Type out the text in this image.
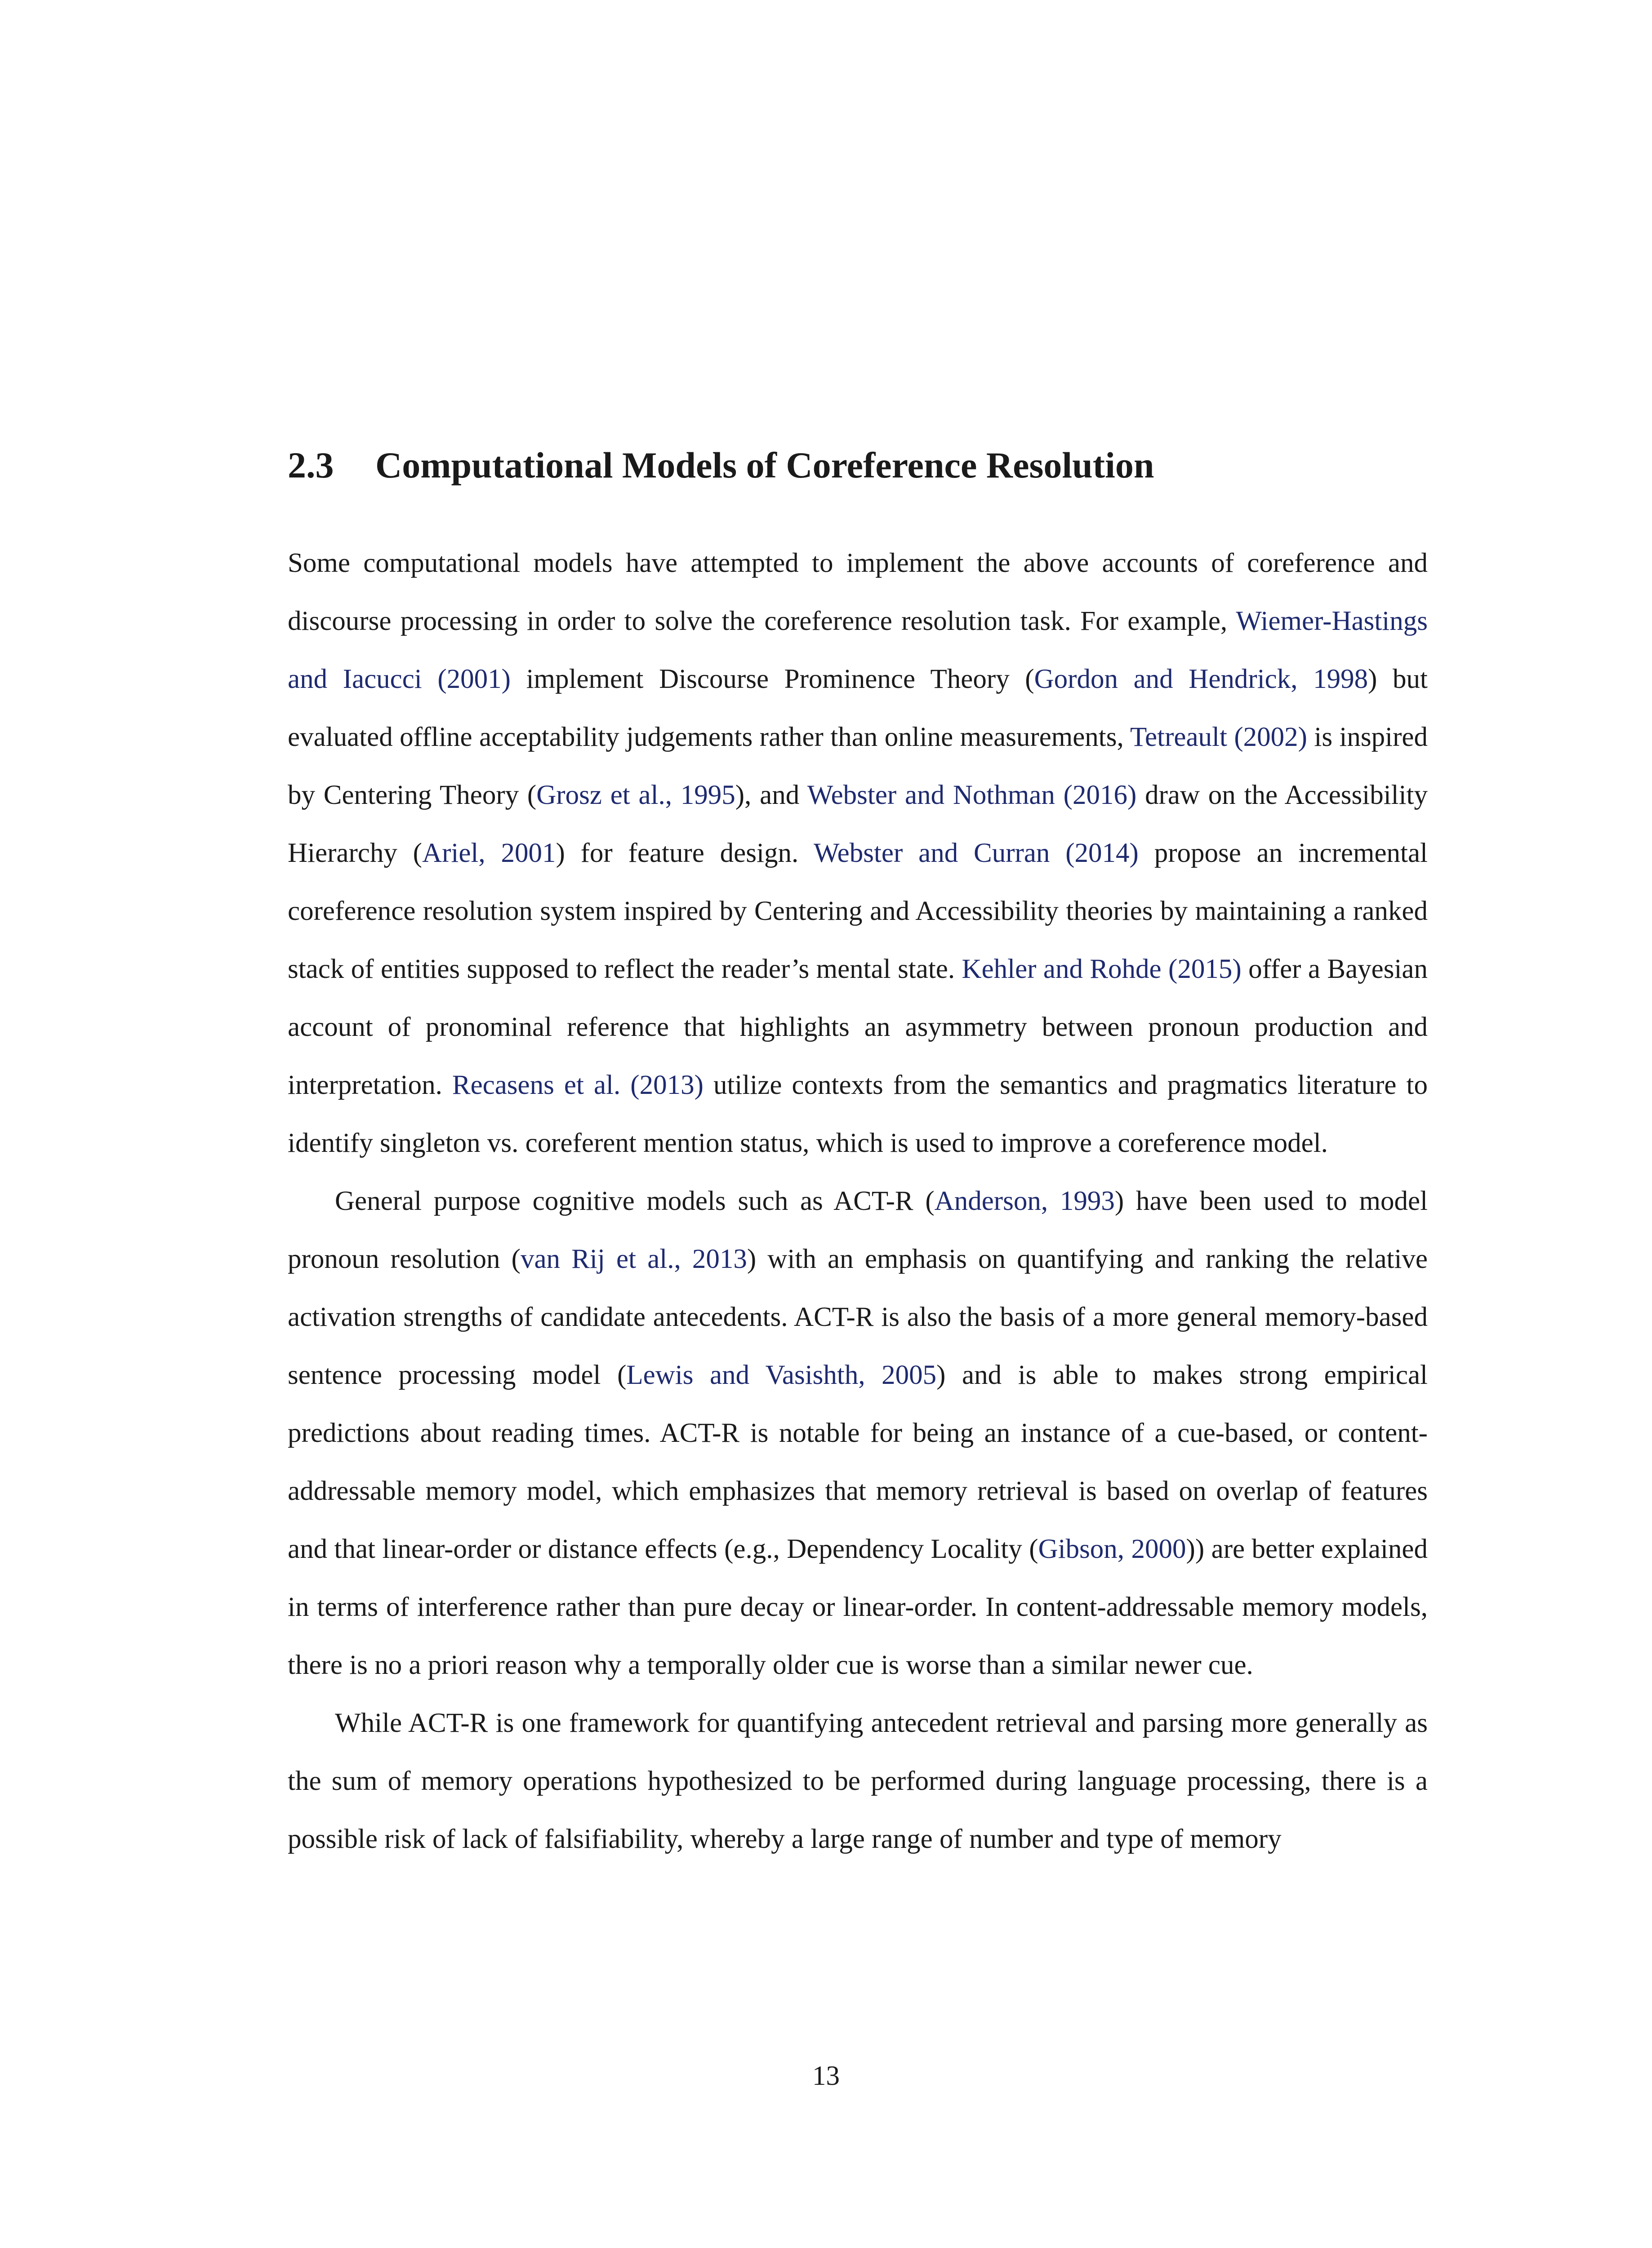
2.3 Computational Models of Coreference Resolution

Some computational models have attempted to implement the above accounts of coreference and discourse processing in order to solve the coreference resolution task. For example, Wiemer-Hastings and Iacucci (2001) implement Discourse Prominence Theory (Gordon and Hendrick, 1998) but evaluated offline acceptability judgements rather than online measurements, Tetreault (2002) is inspired by Centering Theory (Grosz et al., 1995), and Webster and Nothman (2016) draw on the Accessibility Hierarchy (Ariel, 2001) for feature design. Webster and Curran (2014) propose an incremental coreference resolution system inspired by Centering and Accessibility theories by maintaining a ranked stack of entities supposed to reflect the reader’s mental state. Kehler and Rohde (2015) offer a Bayesian account of pronominal reference that highlights an asymmetry between pronoun production and interpretation. Recasens et al. (2013) utilize contexts from the semantics and pragmatics literature to identify singleton vs. coreferent mention status, which is used to improve a coreference model.

General purpose cognitive models such as ACT-R (Anderson, 1993) have been used to model pronoun resolution (van Rij et al., 2013) with an emphasis on quantifying and ranking the relative activation strengths of candidate antecedents. ACT-R is also the basis of a more general memory-based sentence processing model (Lewis and Vasishth, 2005) and is able to makes strong empirical predictions about reading times. ACT-R is notable for being an instance of a cue-based, or content-addressable memory model, which emphasizes that memory retrieval is based on overlap of features and that linear-order or distance effects (e.g., Dependency Locality (Gibson, 2000)) are better explained in terms of interference rather than pure decay or linear-order. In content-addressable memory models, there is no a priori reason why a temporally older cue is worse than a similar newer cue.

While ACT-R is one framework for quantifying antecedent retrieval and parsing more generally as the sum of memory operations hypothesized to be performed during language processing, there is a possible risk of lack of falsifiability, whereby a large range of number and type of memory

13
